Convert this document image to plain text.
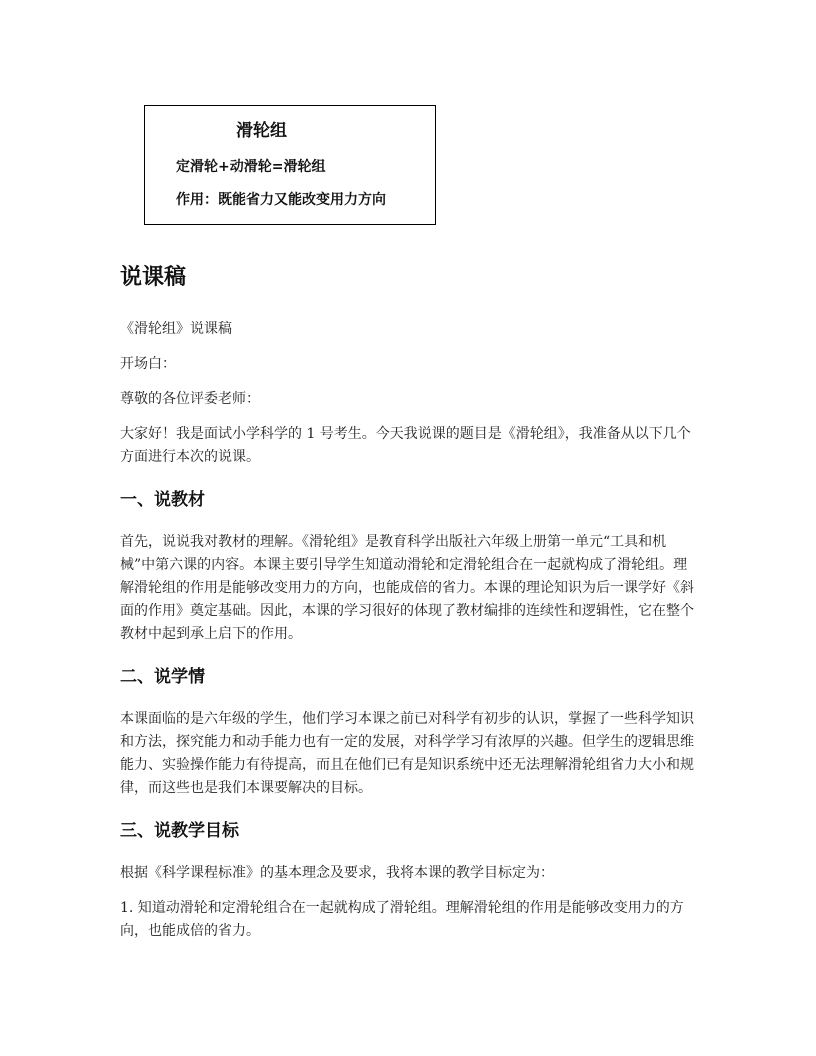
滑轮组
定滑轮+动滑轮=滑轮组
作用：既能省力又能改变用力方向
说课稿

《滑轮组》说课稿

开场白：

尊敬的各位评委老师：

大家好！我是面试小学科学的 1 号考生。今天我说课的题目是《滑轮组》，我准备从以下几个方面进行本次的说课。

一、说教材

首先，说说我对教材的理解。《滑轮组》是教育科学出版社六年级上册第一单元“工具和机械”中第六课的内容。本课主要引导学生知道动滑轮和定滑轮组合在一起就构成了滑轮组。理解滑轮组的作用是能够改变用力的方向，也能成倍的省力。本课的理论知识为后一课学好《斜面的作用》奠定基础。因此，本课的学习很好的体现了教材编排的连续性和逻辑性，它在整个教材中起到承上启下的作用。

二、说学情

本课面临的是六年级的学生，他们学习本课之前已对科学有初步的认识，掌握了一些科学知识和方法，探究能力和动手能力也有一定的发展，对科学学习有浓厚的兴趣。但学生的逻辑思维能力、实验操作能力有待提高，而且在他们已有是知识系统中还无法理解滑轮组省力大小和规律，而这些也是我们本课要解决的目标。

三、说教学目标

根据《科学课程标准》的基本理念及要求，我将本课的教学目标定为：

1. 知道动滑轮和定滑轮组合在一起就构成了滑轮组。理解滑轮组的作用是能够改变用力的方向，也能成倍的省力。
